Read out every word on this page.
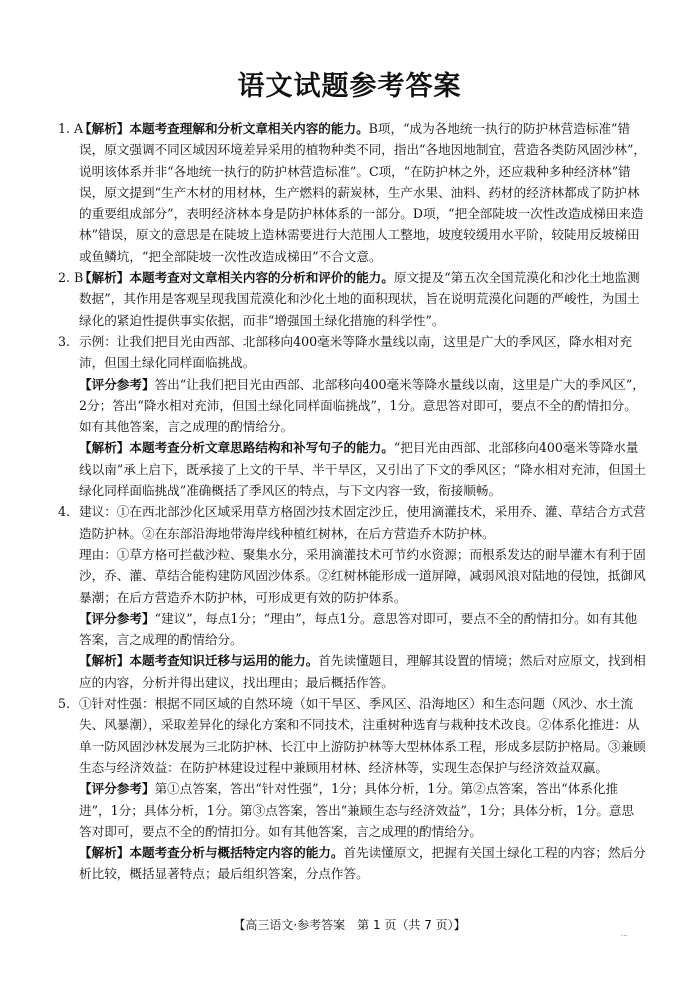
语文试题参考答案
1. A
【解析】本题考查理解和分析文章相关内容的能力。B项，“成为各地统一执行的防护林营造标准”错误，原文强调不同区域因环境差异采用的植物种类不同，指出“各地因地制宜，营造各类防风固沙林”，说明该体系并非“各地统一执行的防护林营造标准”。C项，“在防护林之外，还应栽种多种经济林”错误，原文提到“生产木材的用材林，生产燃料的薪炭林，生产水果、油料、药材的经济林都成了防护林的重要组成部分”，表明经济林本身是防护林体系的一部分。D项，“把全部陡坡一次性改造成梯田来造林”错误，原文的意思是在陡坡上造林需要进行大范围人工整地，坡度较缓用水平阶，较陡用反坡梯田或鱼鳞坑，“把全部陡坡一次性改造成梯田”不合文意。
2. B
【解析】本题考查对文章相关内容的分析和评价的能力。原文提及“第五次全国荒漠化和沙化土地监测数据”，其作用是客观呈现我国荒漠化和沙化土地的面积现状，旨在说明荒漠化问题的严峻性，为国土绿化的紧迫性提供事实依据，而非“增强国土绿化措施的科学性”。
3. 示例：让我们把目光由西部、北部移向400毫米等降水量线以南，这里是广大的季风区，降水相对充沛，但国土绿化同样面临挑战。
【评分参考】答出“让我们把目光由西部、北部移向400毫米等降水量线以南，这里是广大的季风区”，2分；答出“降水相对充沛，但国土绿化同样面临挑战”，1分。意思答对即可，要点不全的酌情扣分。如有其他答案，言之成理的酌情给分。
【解析】本题考查分析文章思路结构和补写句子的能力。“把目光由西部、北部移向400毫米等降水量线以南”承上启下，既承接了上文的干旱、半干旱区，又引出了下文的季风区；“降水相对充沛，但国土绿化同样面临挑战”准确概括了季风区的特点，与下文内容一致，衔接顺畅。
4. 建议：①在西北部沙化区域采用草方格固沙技术固定沙丘，使用滴灌技术，采用乔、灌、草结合方式营造防护林。②在东部沿海地带海岸线种植红树林，在后方营造乔木防护林。
理由：①草方格可拦截沙粒、聚集水分，采用滴灌技术可节约水资源；而根系发达的耐旱灌木有利于固沙，乔、灌、草结合能构建防风固沙体系。②红树林能形成一道屏障，减弱风浪对陆地的侵蚀，抵御风暴潮；在后方营造乔木防护林，可形成更有效的防护体系。
【评分参考】“建议”，每点1分；“理由”，每点1分。意思答对即可，要点不全的酌情扣分。如有其他答案，言之成理的酌情给分。
【解析】本题考查知识迁移与运用的能力。首先读懂题目，理解其设置的情境；然后对应原文，找到相应的内容，分析并得出建议，找出理由；最后概括作答。
5. ①针对性强：根据不同区域的自然环境（如干旱区、季风区、沿海地区）和生态问题（风沙、水土流失、风暴潮），采取差异化的绿化方案和不同技术，注重树种选育与栽种技术改良。②体系化推进：从单一防风固沙林发展为三北防护林、长江中上游防护林等大型林体系工程，形成多层防护格局。③兼顾生态与经济效益：在防护林建设过程中兼顾用材林、经济林等，实现生态保护与经济效益双赢。
【评分参考】第①点答案，答出“针对性强”，1分；具体分析，1分。第②点答案，答出“体系化推进”，1分；具体分析，1分。第③点答案，答出“兼顾生态与经济效益”，1分；具体分析，1分。意思答对即可，要点不全的酌情扣分。如有其他答案，言之成理的酌情给分。
【解析】本题考查分析与概括特定内容的能力。首先读懂原文，把握有关国土绿化工程的内容；然后分析比较，概括显著特点；最后组织答案，分点作答。
【高三语文·参考答案　第 1 页（共 7 页）】
…
